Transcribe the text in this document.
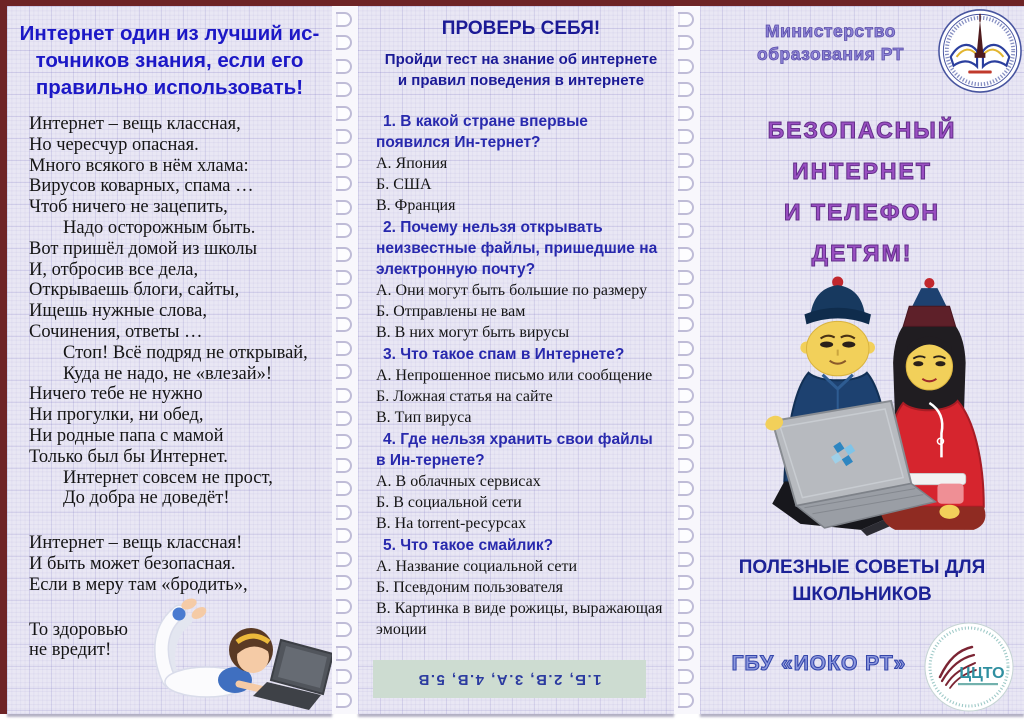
Интернет один из лучший ис-
точников знания, если его
правильно использовать!
Интернет – вещь классная,
Но чересчур опасная.
Много всякого в нём хлама:
Вирусов коварных, спама …
Чтоб ничего не зацепить,
Надо осторожным быть.
Вот пришёл домой из школы
И, отбросив все дела,
Открываешь блоги, сайты,
Ищешь нужные слова,
Сочинения, ответы …
Стоп! Всё подряд не открывай,
Куда не надо, не «влезай»!
Ничего тебе не нужно
Ни прогулки, ни обед,
Ни родные папа с мамой
Только был бы Интернет.
Интернет совсем не прост,
До добра не доведёт!
Интернет – вещь классная!
И быть может безопасная.
Если в меру там «бродить»,
То здоровью
не вредит!
ПРОВЕРЬ СЕБЯ!
Пройди тест на знание об интернете
и правил поведения в интернете

1. В какой стране впервые появился Ин-тернет?

А. Япония

Б. США

В. Франция

2. Почему нельзя открывать неизвестные файлы, пришедшие на электронную почту?

А. Они могут быть большие по размеру

Б. Отправлены не вам

В. В них могут быть вирусы

3. Что такое спам в Интернете?

А. Непрошенное письмо или сообщение

Б. Ложная статья на сайте

В. Тип вируса

4. Где нельзя хранить свои файлы в Ин-тернете?

А. В облачных сервисах

Б. В социальной сети

В. На torrent-ресурсах

5. Что такое смайлик?

А. Название социальной сети

Б. Псевдоним пользователя

В. Картинка в виде рожицы, выражающая эмоции

1.Б, 2.В, 3.А, 4.В, 5.В
Министерство
образования РТ
БЕЗОПАСНЫЙ
ИНТЕРНЕТ
И ТЕЛЕФОН
ДЕТЯМ!
ПОЛЕЗНЫЕ СОВЕТЫ ДЛЯ
ШКОЛЬНИКОВ
ГБУ «ИОКО РТ»	ЦЦТО
